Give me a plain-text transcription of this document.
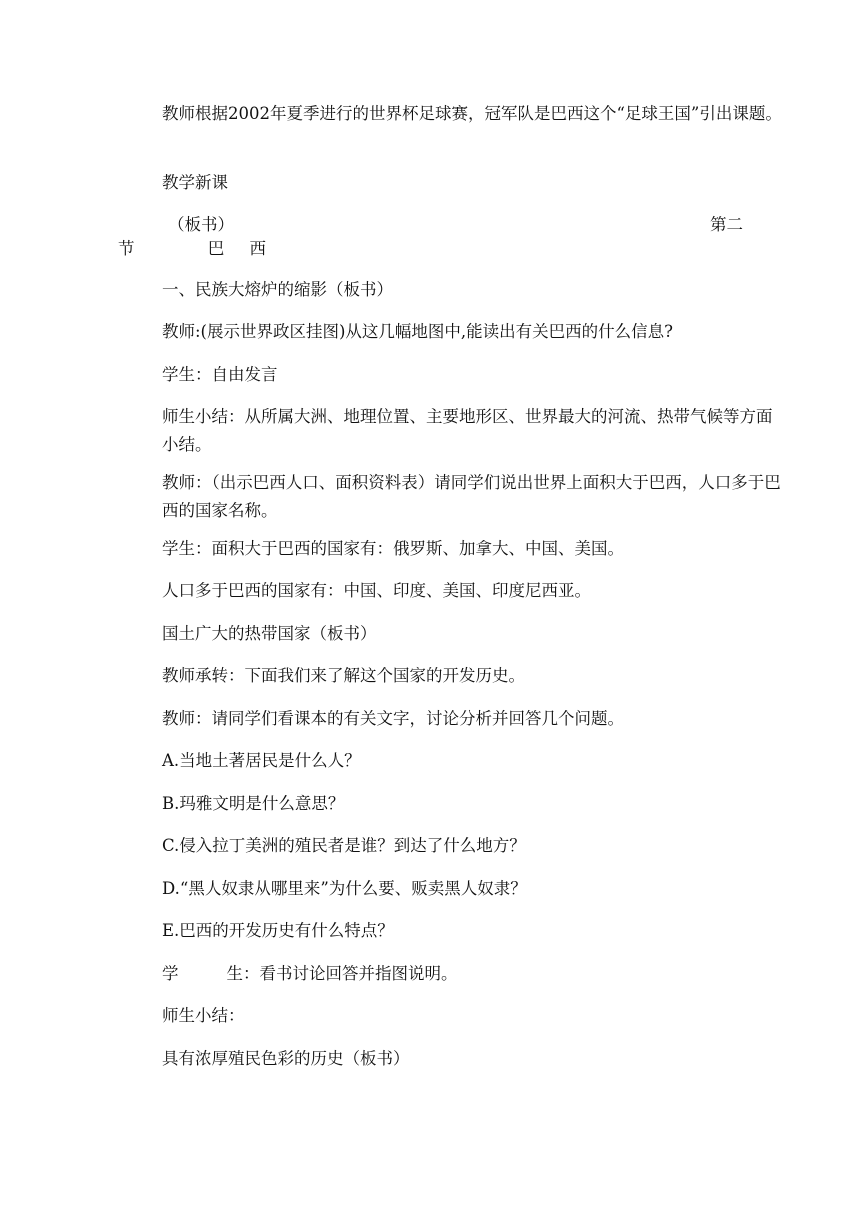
教师根据2002年夏季进行的世界杯足球赛，冠军队是巴西这个“足球王国”引出课题。
教学新课
（板书）	第二
节	巴 西
一、民族大熔炉的缩影（板书）
教师:(展示世界政区挂图)从这几幅地图中,能读出有关巴西的什么信息?
学生：自由发言
师生小结：从所属大洲、地理位置、主要地形区、世界最大的河流、热带气候等方面小结。
教师：（出示巴西人口、面积资料表）请同学们说出世界上面积大于巴西，人口多于巴西的国家名称。
学生：面积大于巴西的国家有：俄罗斯、加拿大、中国、美国。
人口多于巴西的国家有：中国、印度、美国、印度尼西亚。
国土广大的热带国家（板书）
教师承转：下面我们来了解这个国家的开发历史。
教师：请同学们看课本的有关文字，讨论分析并回答几个问题。
A.当地土著居民是什么人？
B.玛雅文明是什么意思？
C.侵入拉丁美洲的殖民者是谁？到达了什么地方？
D.“黑人奴隶从哪里来”为什么要、贩卖黑人奴隶？
E.巴西的开发历史有什么特点？
学	生：看书讨论回答并指图说明。
师生小结：
具有浓厚殖民色彩的历史（板书）
